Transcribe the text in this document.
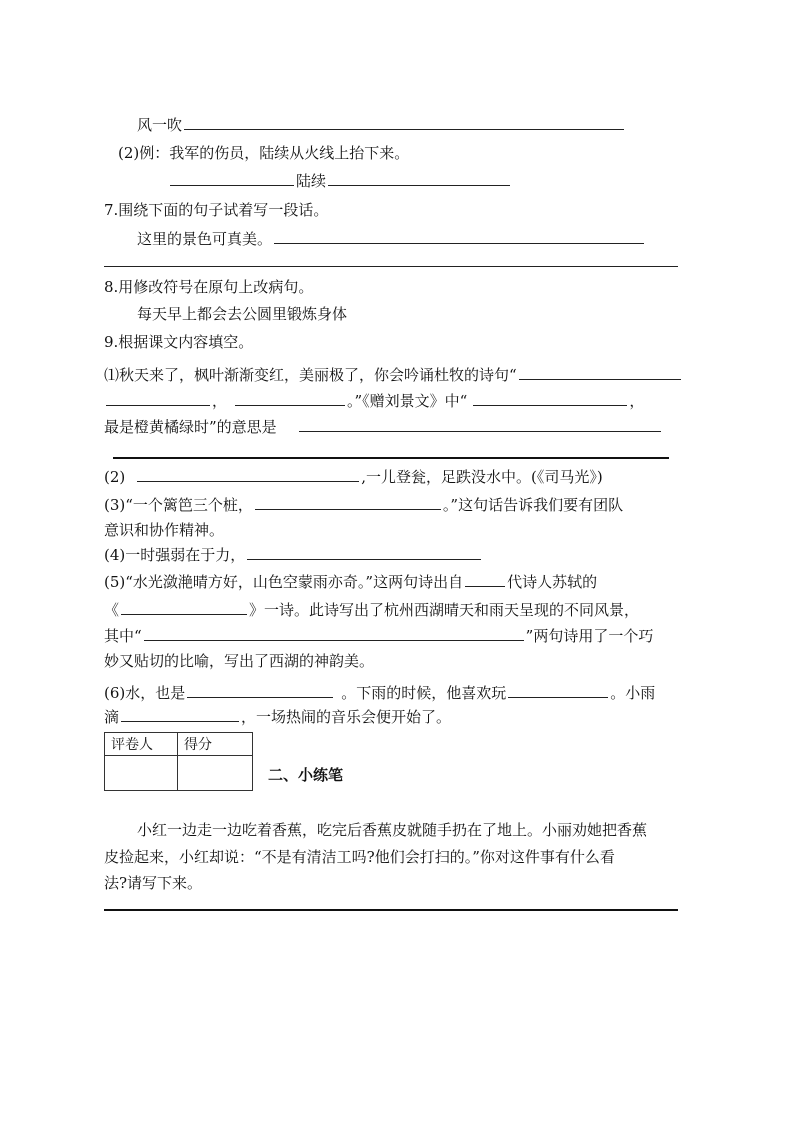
风一吹
(2)例：我军的伤员，陆续从火线上抬下来。
陆续
7.围绕下面的句子试着写一段话。
这里的景色可真美。
8.用修改符号在原句上改病句。
每天早上都会去公圆里锻炼身体
9.根据课文内容填空。
⑴秋天来了，枫叶渐渐变红，美丽极了，你会吟诵杜牧的诗句“
，	。”《赠刘景文》中“	，
最是橙黄橘绿时”的意思是
(2)	,一儿登瓮，足跌没水中。(《司马光》)
(3)“一个篱笆三个桩，	。”这句话告诉我们要有团队
意识和协作精神。
(4)一时强弱在于力，
(5)“水光潋滟晴方好，山色空蒙雨亦奇。”这两句诗出自	代诗人苏轼的
《	》一诗。此诗写出了杭州西湖晴天和雨天呈现的不同风景，
其中“	”两句诗用了一个巧
妙又贴切的比喻，写出了西湖的神韵美。
(6)水，也是	。下雨的时候，他喜欢玩	。小雨
滴	，一场热闹的音乐会便开始了。
评卷人	得分

二、小练笔
小红一边走一边吃着香蕉，吃完后香蕉皮就随手扔在了地上。小丽劝她把香蕉
皮捡起来，小红却说：“不是有清洁工吗?他们会打扫的。”你对这件事有什么看
法?请写下来。
